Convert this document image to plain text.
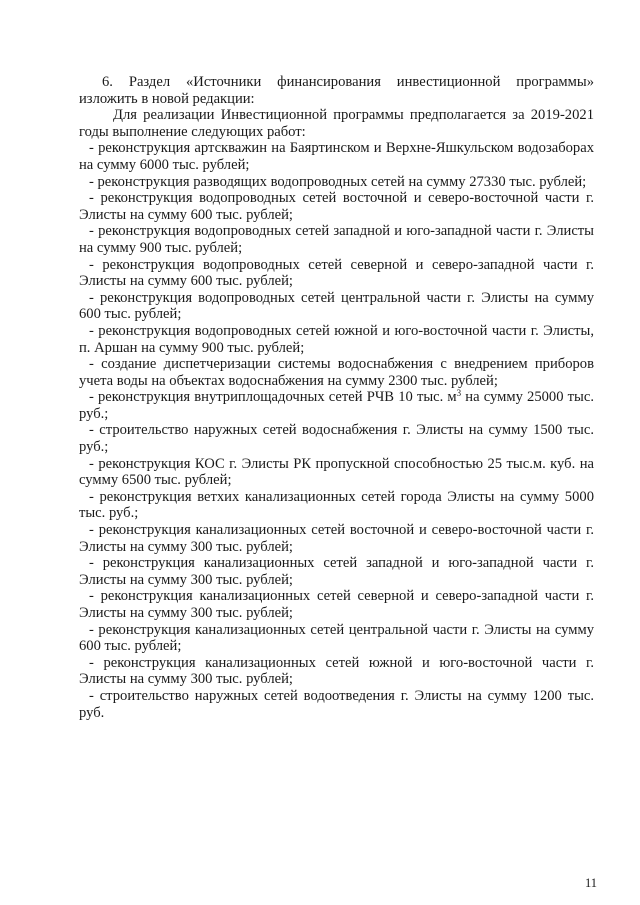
6. Раздел «Источники финансирования инвестиционной программы» изложить в новой редакции:

Для реализации Инвестиционной программы предполагается за 2019-2021 годы выполнение следующих работ:

- реконструкция артскважин на Баяртинском и Верхне-Яшкульском водозаборах на сумму 6000 тыс. рублей;

- реконструкция разводящих водопроводных сетей на сумму 27330 тыс. рублей;

- реконструкция водопроводных сетей восточной и северо-восточной части г. Элисты на сумму 600 тыс. рублей;

- реконструкция водопроводных сетей западной и юго-западной части г. Элисты на сумму 900 тыс. рублей;

- реконструкция водопроводных сетей северной и северо-западной части г. Элисты на сумму 600 тыс. рублей;

- реконструкция водопроводных сетей центральной части г. Элисты на сумму 600 тыс. рублей;

- реконструкция водопроводных сетей южной и юго-восточной части г. Элисты, п. Аршан на сумму 900 тыс. рублей;

- создание диспетчеризации системы водоснабжения с внедрением приборов учета воды на объектах водоснабжения на сумму 2300 тыс. рублей;

- реконструкция внутриплощадочных сетей РЧВ 10 тыс. $м^3$ на сумму 25000 тыс. руб.;

- строительство наружных сетей водоснабжения г. Элисты на сумму 1500 тыс. руб.;

- реконструкция КОС г. Элисты РК пропускной способностью 25 тыс.м. куб. на сумму 6500 тыс. рублей;

- реконструкция ветхих канализационных сетей города Элисты на сумму 5000 тыс. руб.;

- реконструкция канализационных сетей восточной и северо-восточной части г. Элисты на сумму 300 тыс. рублей;

- реконструкция канализационных сетей западной и юго-западной части г. Элисты на сумму 300 тыс. рублей;

- реконструкция канализационных сетей северной и северо-западной части г. Элисты на сумму 300 тыс. рублей;

- реконструкция канализационных сетей центральной части г. Элисты на сумму 600 тыс. рублей;

- реконструкция канализационных сетей южной и юго-восточной части г. Элисты на сумму 300 тыс. рублей;

- строительство наружных сетей водоотведения г. Элисты на сумму 1200 тыс. руб.

11
